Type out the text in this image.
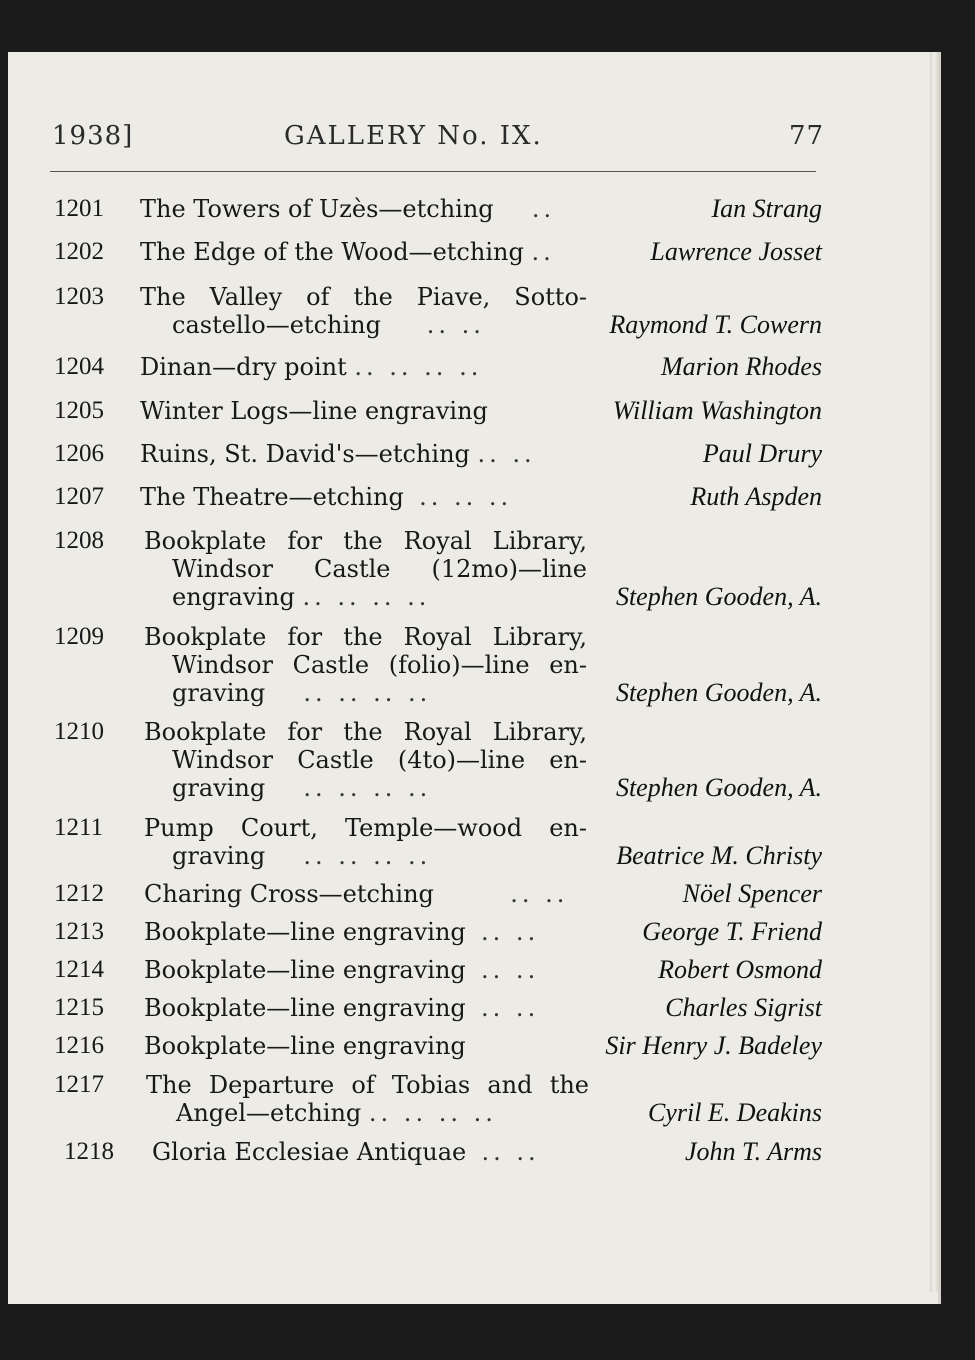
1938]	GALLERY No. IX.	77
1201 The Towers of Uzès—etching ..	Ian Strang
1202 The Edge of the Wood—etching ..	Lawrence Josset
1203 The Valley of the Piave, Sotto-
castello—etching .. ..	Raymond T. Cowern
1204 Dinan—dry point .. .. .. ..	Marion Rhodes
1205 Winter Logs—line engraving	William Washington
1206 Ruins, St. David's—etching .. ..	Paul Drury
1207 The Theatre—etching .. .. ..	Ruth Aspden
1208 Bookplate for the Royal Library,
Windsor Castle (12mo)—line
engraving .. .. .. ..	Stephen Gooden, A.
1209 Bookplate for the Royal Library,
Windsor Castle (folio)—line en-
graving .. .. .. ..	Stephen Gooden, A.
1210 Bookplate for the Royal Library,
Windsor Castle (4to)—line en-
graving .. .. .. ..	Stephen Gooden, A.
1211 Pump Court, Temple—wood en-
graving .. .. .. ..	Beatrice M. Christy
1212 Charing Cross—etching	.. ..	Nöel Spencer
1213 Bookplate—line engraving .. ..	George T. Friend
1214 Bookplate—line engraving .. ..	Robert Osmond
1215 Bookplate—line engraving .. ..	Charles Sigrist
1216 Bookplate—line engraving	Sir Henry J. Badeley
1217 The Departure of Tobias and the
Angel—etching .. .. .. ..	Cyril E. Deakins
1218 Gloria Ecclesiae Antiquae .. ..	John T. Arms
